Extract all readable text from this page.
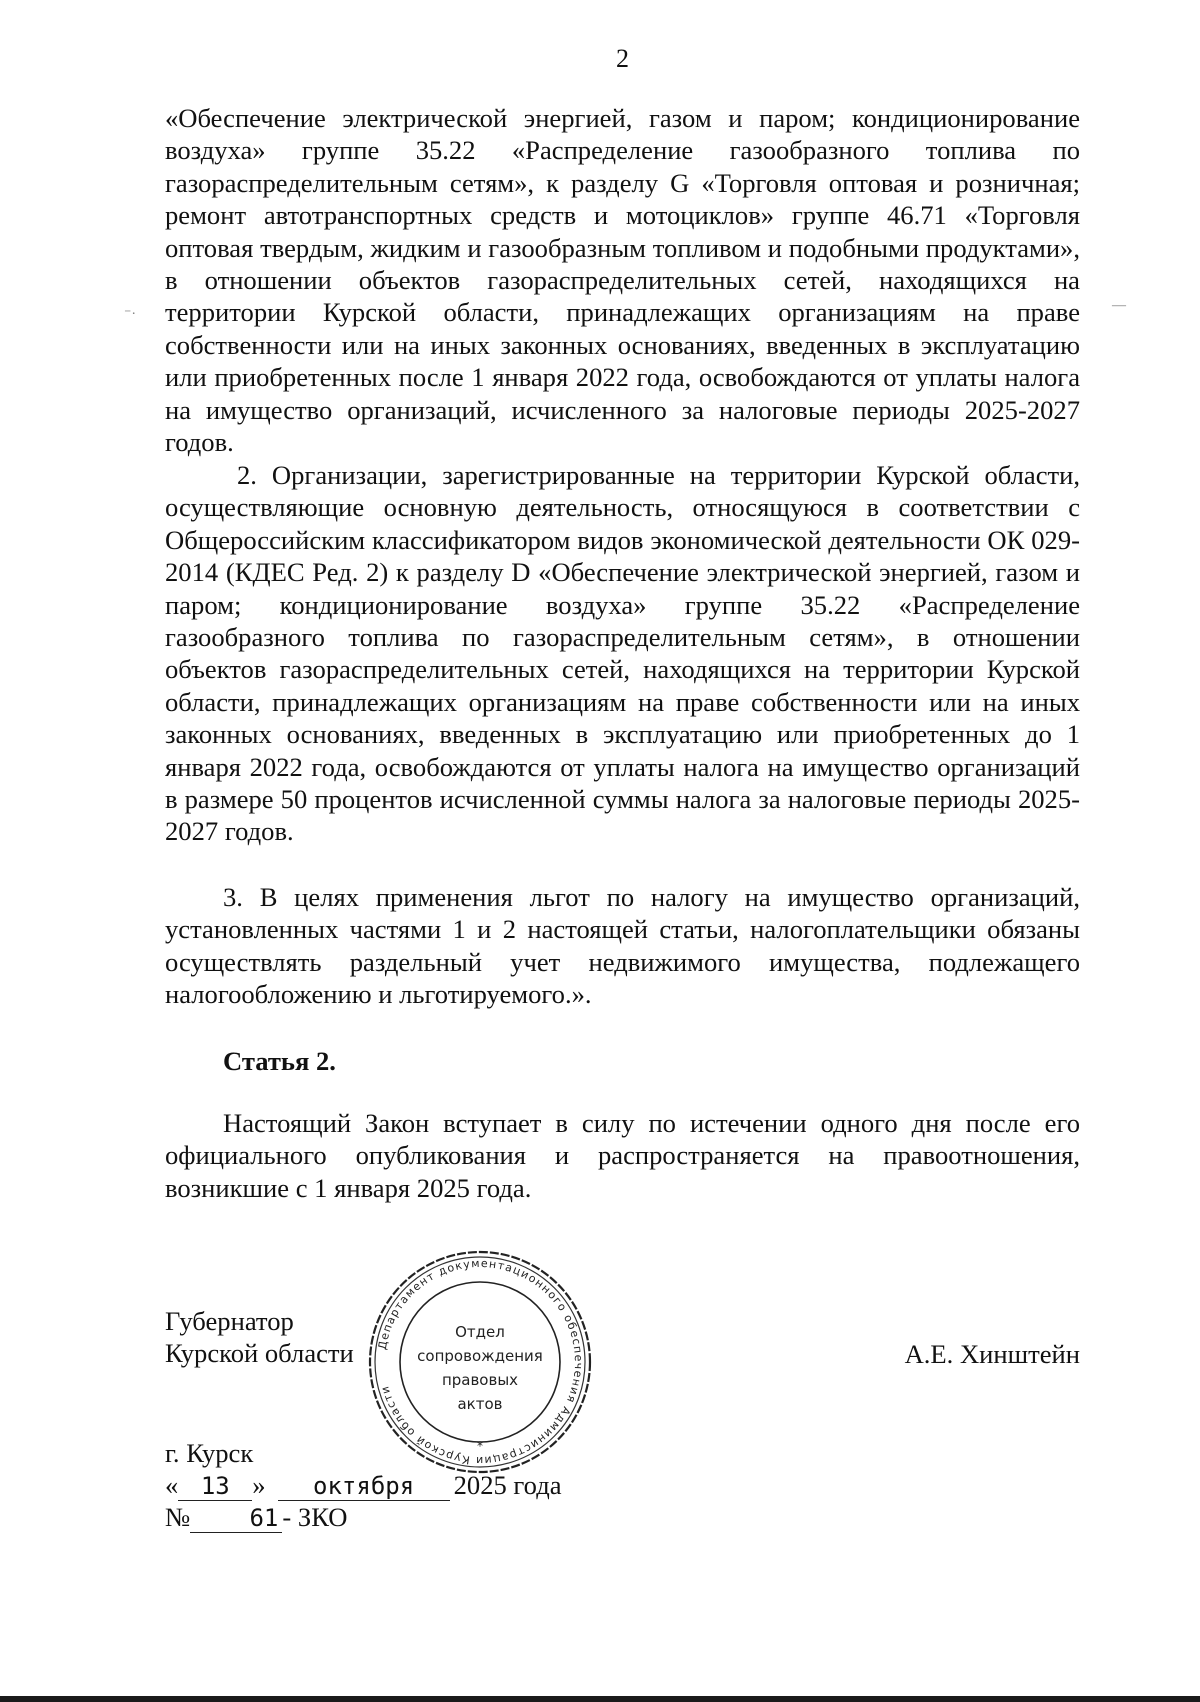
2
⁻·
—

«Обеспечение электрической энергией, газом и паром; кондиционирование воздуха» группе 35.22 «Распределение газообразного топлива по газораспределительным сетям», к разделу G «Торговля оптовая и розничная; ремонт автотранспортных средств и мотоциклов» группе 46.71 «Торговля оптовая твердым, жидким и газообразным топливом и подобными продуктами», в отношении объектов газораспределительных сетей, находящихся на территории Курской области, принадлежащих организациям на праве собственности или на иных законных основаниях, введенных в эксплуатацию или приобретенных после 1 января 2022 года, освобождаются от уплаты налога на имущество организаций, исчисленного за налоговые периоды 2025-2027 годов.

2. Организации, зарегистрированные на территории Курской области, осуществляющие основную деятельность, относящуюся в соответствии с Общероссийским классификатором видов экономической деятельности ОК 029-2014 (КДЕС Ред. 2) к разделу D «Обеспечение электрической энергией, газом и паром; кондиционирование воздуха» группе 35.22 «Распределение газообразного топлива по газораспределительным сетям», в отношении объектов газораспределительных сетей, находящихся на территории Курской области, принадлежащих организациям на праве собственности или на иных законных основаниях, введенных в эксплуатацию или приобретенных до 1 января 2022 года, освобождаются от уплаты налога на имущество организаций в размере 50 процентов исчисленной суммы налога за налоговые периоды 2025-2027 годов.

3. В целях применения льгот по налогу на имущество организаций, установленных частями 1 и 2 настоящей статьи, налогоплательщики обязаны осуществлять раздельный учет недвижимого имущества, подлежащего налогообложению и льготируемого.».

Статья 2.

Настоящий Закон вступает в силу по истечении одного дня после его официального опубликования и распространяется на правоотношения, возникшие с 1 января 2025 года.

Губернатор
Курской области	А.Е. Хинштейн
Департамент документационного обеспечения Администрации Курской области
*
Отдел
сопровождения
правовых
актов
г. Курск
« 13 » октября 2025 года
№ 61 - ЗКО
